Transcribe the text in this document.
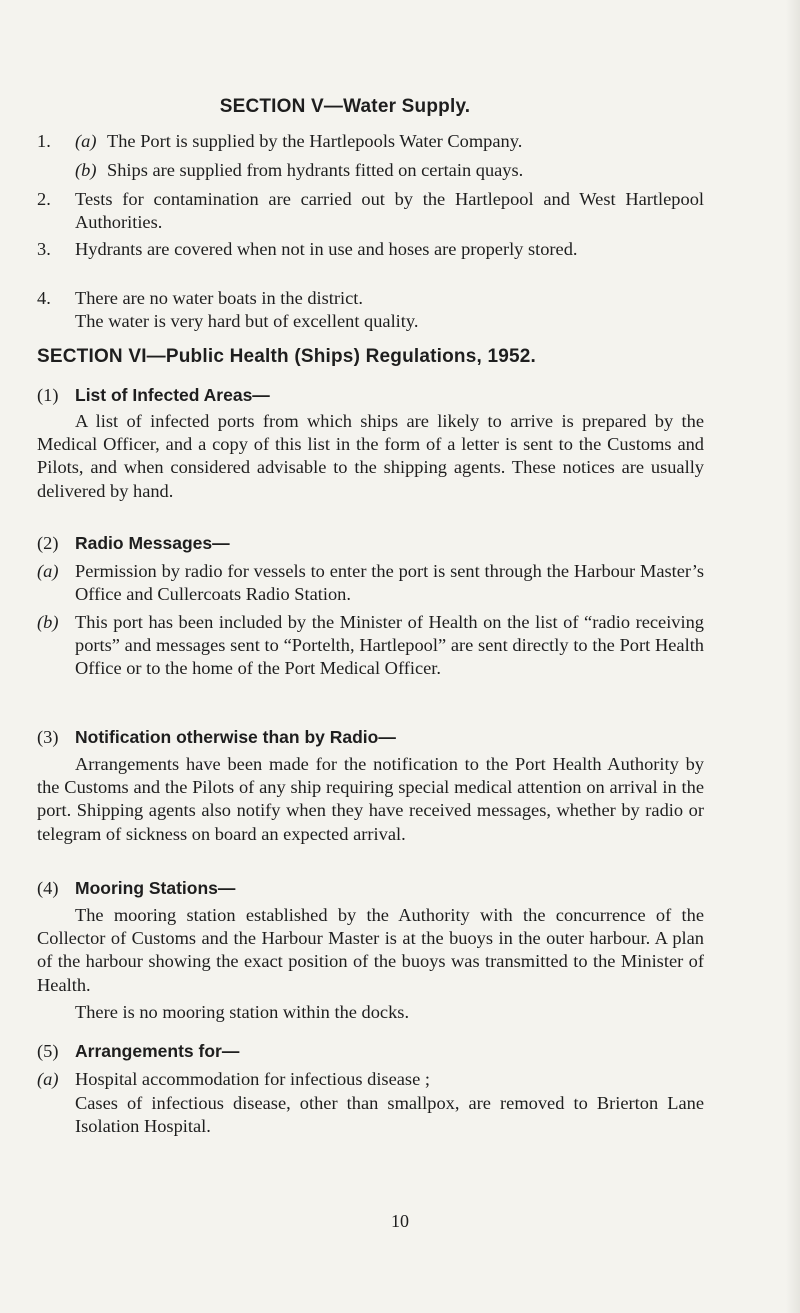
SECTION V—Water Supply.
1. (a) The Port is supplied by the Hartlepools Water Company.
(b) Ships are supplied from hydrants fitted on certain quays.
2. Tests for contamination are carried out by the Hartlepool and West Hartlepool Authorities.
3. Hydrants are covered when not in use and hoses are properly stored.
4. There are no water boats in the district.
The water is very hard but of excellent quality.
SECTION VI—Public Health (Ships) Regulations, 1952.
(1) List of Infected Areas—
A list of infected ports from which ships are likely to arrive is prepared by the Medical Officer, and a copy of this list in the form of a letter is sent to the Customs and Pilots, and when considered advisable to the shipping agents. These notices are usually delivered by hand.
(2) Radio Messages—
(a) Permission by radio for vessels to enter the port is sent through the Harbour Master’s Office and Cullercoats Radio Station.
(b) This port has been included by the Minister of Health on the list of “radio receiving ports” and messages sent to “Portelth, Hartlepool” are sent directly to the Port Health Office or to the home of the Port Medical Officer.
(3) Notification otherwise than by Radio—
Arrangements have been made for the notification to the Port Health Authority by the Customs and the Pilots of any ship requiring special medical attention on arrival in the port. Shipping agents also notify when they have received messages, whether by radio or telegram of sickness on board an expected arrival.
(4) Mooring Stations—
The mooring station established by the Authority with the concurrence of the Collector of Customs and the Harbour Master is at the buoys in the outer harbour. A plan of the harbour showing the exact position of the buoys was transmitted to the Minister of Health.
There is no mooring station within the docks.
(5) Arrangements for—
(a) Hospital accommodation for infectious disease ;
Cases of infectious disease, other than smallpox, are removed to Brierton Lane Isolation Hospital.
10
